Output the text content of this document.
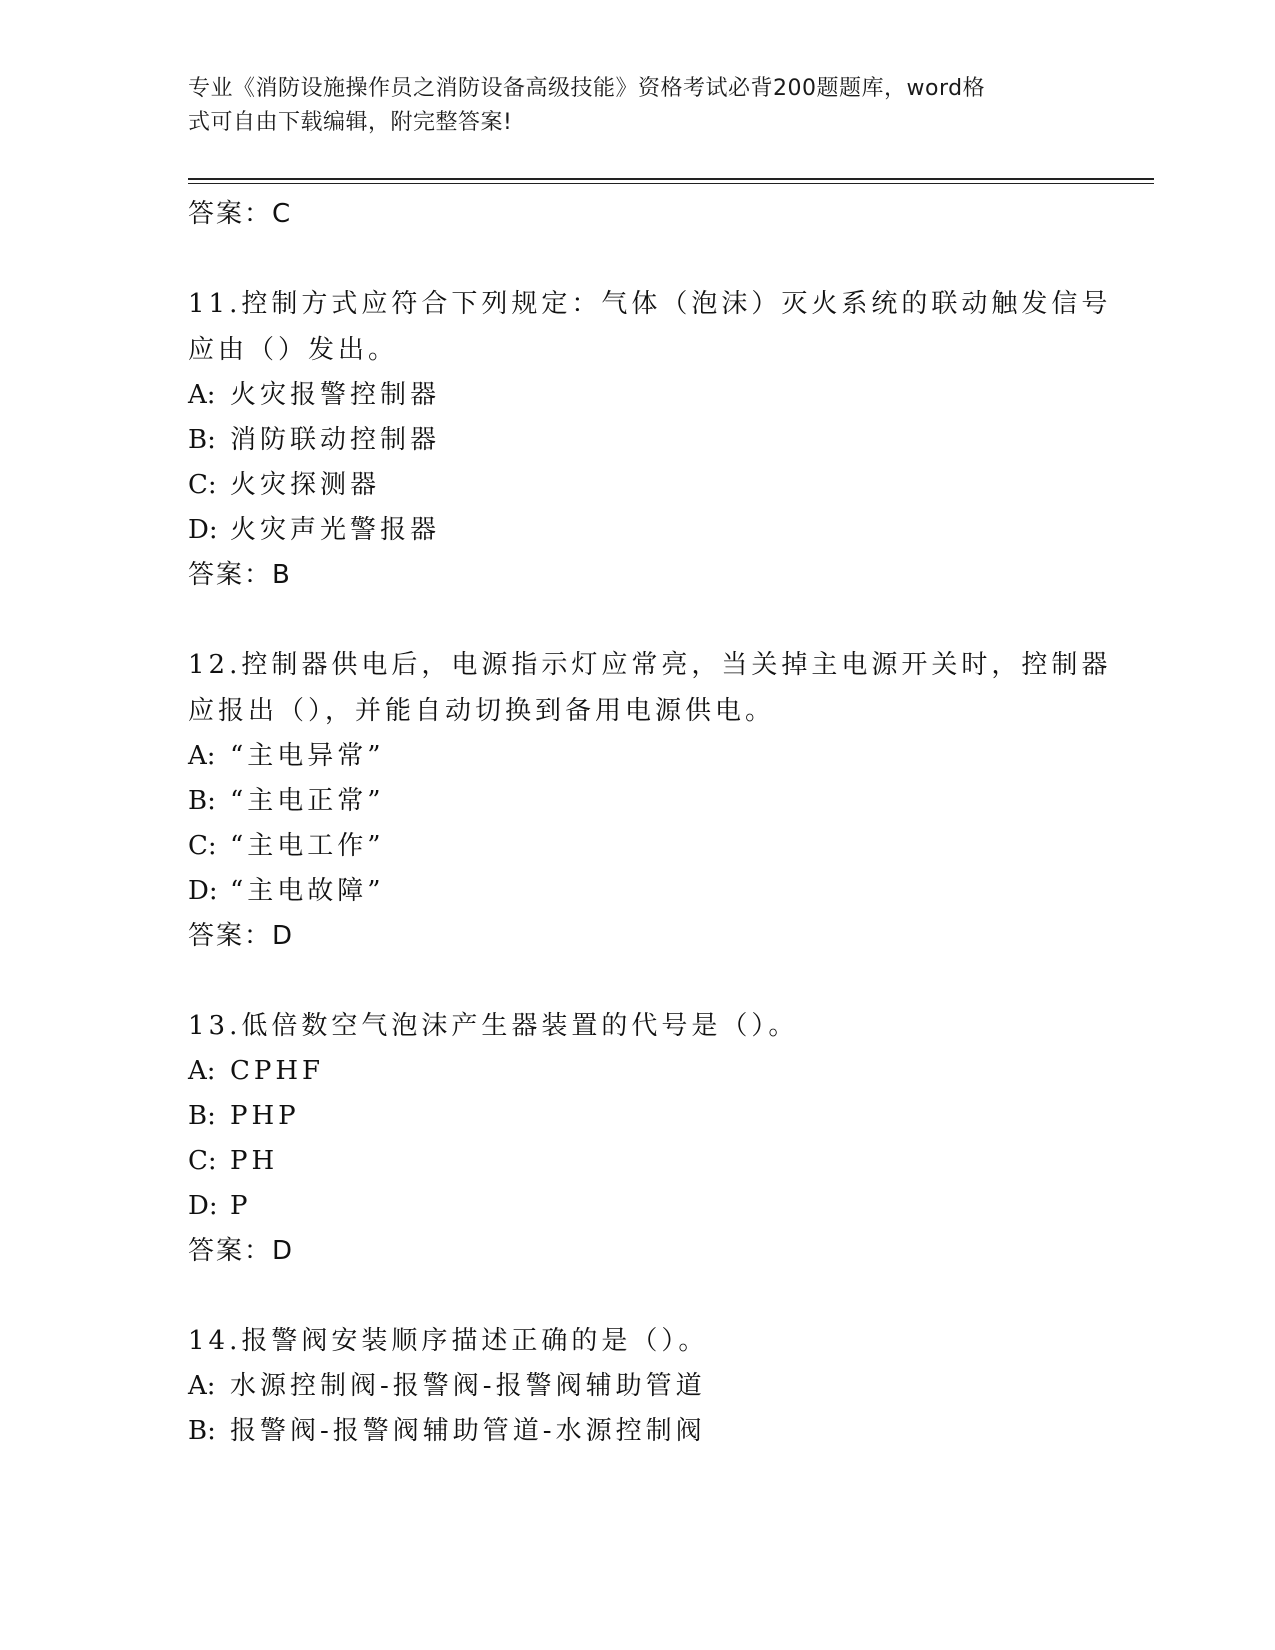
专业《消防设施操作员之消防设备高级技能》资格考试必背200题题库，word格
式可自由下载编辑，附完整答案!
答案：C
11.控制方式应符合下列规定：气体（泡沫）灭火系统的联动触发信号
应由（）发出。
A: 火灾报警控制器
B: 消防联动控制器
C: 火灾探测器
D: 火灾声光警报器
答案：B
12.控制器供电后，电源指示灯应常亮，当关掉主电源开关时，控制器
应报出（），并能自动切换到备用电源供电。
A: “主电异常”
B: “主电正常”
C: “主电工作”
D: “主电故障”
答案：D
13.低倍数空气泡沫产生器装置的代号是（）。
A: CPHF
B: PHP
C: PH
D: P
答案：D
14.报警阀安装顺序描述正确的是（）。
A: 水源控制阀-报警阀-报警阀辅助管道
B: 报警阀-报警阀辅助管道-水源控制阀
